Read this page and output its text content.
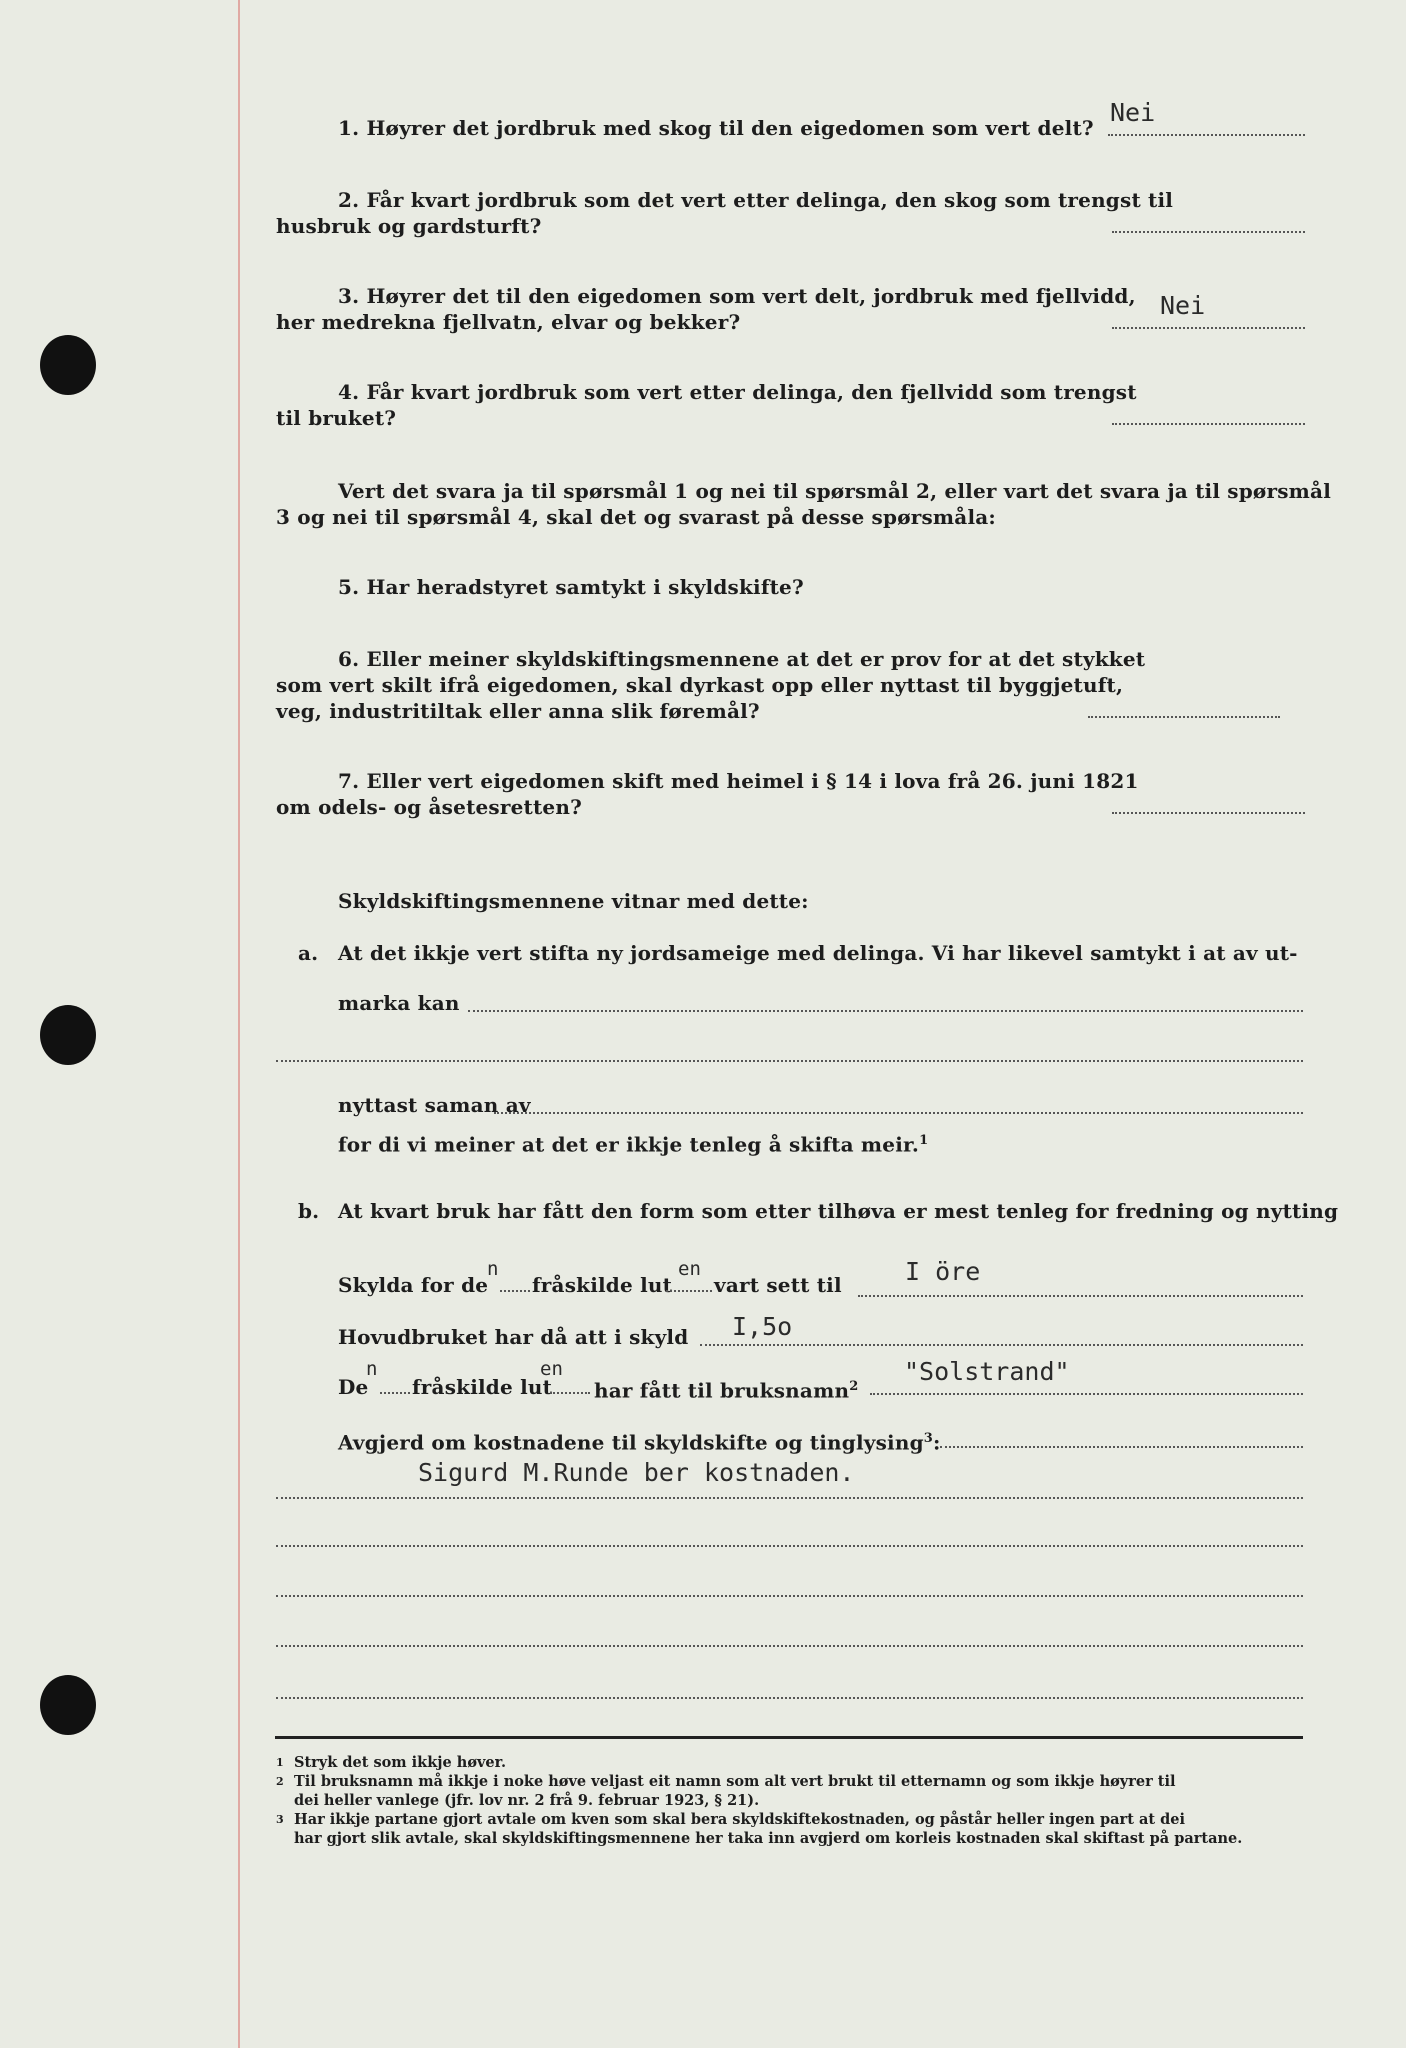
1. Høyrer det jordbruk med skog til den eigedomen som vert delt?
Nei
2. Får kvart jordbruk som det vert etter delinga, den skog som trengst til
husbruk og gardsturft?
3. Høyrer det til den eigedomen som vert delt, jordbruk med fjellvidd,
her medrekna fjellvatn, elvar og bekker?
Nei
4. Får kvart jordbruk som vert etter delinga, den fjellvidd som trengst
til bruket?
Vert det svara ja til spørsmål 1 og nei til spørsmål 2, eller vart det svara ja til spørsmål
3 og nei til spørsmål 4, skal det og svarast på desse spørsmåla:
5. Har heradstyret samtykt i skyldskifte?
6. Eller meiner skyldskiftingsmennene at det er prov for at det stykket
som vert skilt ifrå eigedomen, skal dyrkast opp eller nyttast til byggjetuft,
veg, industritiltak eller anna slik føremål?
7. Eller vert eigedomen skift med heimel i § 14 i lova frå 26. juni 1821
om odels- og åsetesretten?
Skyldskiftingsmennene vitnar med dette:
a. At det ikkje vert stifta ny jordsameige med delinga. Vi har likevel samtykt i at av ut-
marka kan
nyttast saman av
for di vi meiner at det er ikkje tenleg å skifta meir.$^1$
b. At kvart bruk har fått den form som etter tilhøva er mest tenleg for fredning og nytting
Skylda for de
n
fråskilde lut
en
vart sett til	I öre
Hovudbruket har då att i skyld I,5o
De
n
fråskilde lut
en
har fått til bruksnamn$^2$
"Solstrand"
Avgjerd om kostnadene til skyldskifte og tinglysing$^3$:
Sigurd M.Runde ber kostnaden.
1 Stryk det som ikkje høver.
2 Til bruksnamn må ikkje i noke høve veljast eit namn som alt vert brukt til etternamn og som ikkje høyrer til
dei heller vanlege (jfr. lov nr. 2 frå 9. februar 1923, § 21).
3 Har ikkje partane gjort avtale om kven som skal bera skyldskiftekostnaden, og påstår heller ingen part at dei
har gjort slik avtale, skal skyldskiftingsmennene her taka inn avgjerd om korleis kostnaden skal skiftast på partane.
